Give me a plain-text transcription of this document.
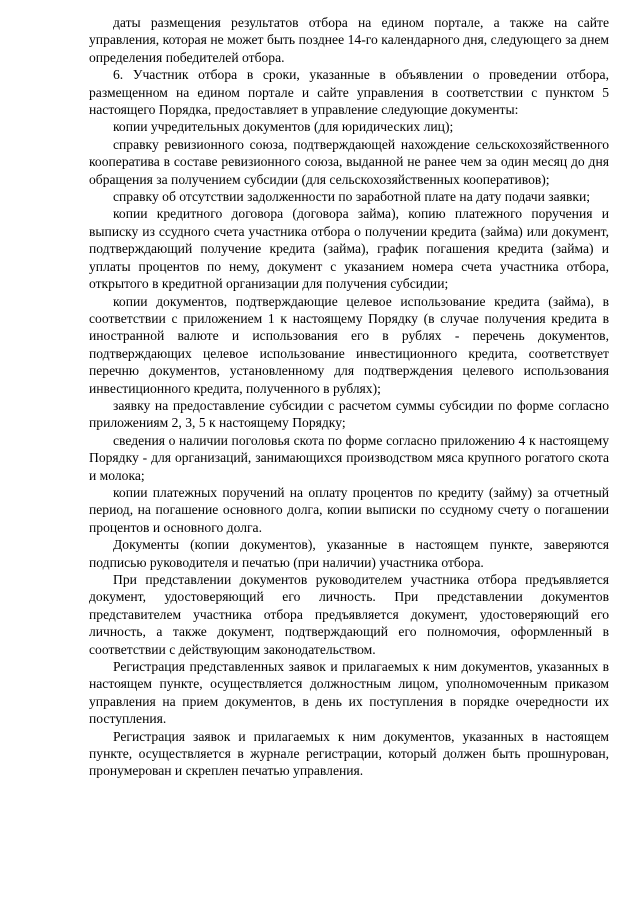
даты размещения результатов отбора на едином портале, а также на сайте управления, которая не может быть позднее 14-го календарного дня, следующего за днем определения победителей отбора.

6. Участник отбора в сроки, указанные в объявлении о проведении отбора, размещенном на едином портале и сайте управления в соответствии с пунктом 5 настоящего Порядка, предоставляет в управление следующие документы:

копии учредительных документов (для юридических лиц);

справку ревизионного союза, подтверждающей нахождение сельскохозяйственного кооператива в составе ревизионного союза, выданной не ранее чем за один месяц до дня обращения за получением субсидии (для сельскохозяйственных кооперативов);

справку об отсутствии задолженности по заработной плате на дату подачи заявки;

копии кредитного договора (договора займа), копию платежного поручения и выписку из ссудного счета участника отбора о получении кредита (займа) или документ, подтверждающий получение кредита (займа), график погашения кредита (займа) и уплаты процентов по нему, документ с указанием номера счета участника отбора, открытого в кредитной организации для получения субсидии;

копии документов, подтверждающие целевое использование кредита (займа), в соответствии с приложением 1 к настоящему Порядку (в случае получения кредита в иностранной валюте и использования его в рублях - перечень документов, подтверждающих целевое использование инвестиционного кредита, соответствует перечню документов, установленному для подтверждения целевого использования инвестиционного кредита, полученного в рублях);

заявку на предоставление субсидии с расчетом суммы субсидии по форме согласно приложениям 2, 3, 5 к настоящему Порядку;

сведения о наличии поголовья скота по форме согласно приложению 4 к настоящему Порядку - для организаций, занимающихся производством мяса крупного рогатого скота и молока;

копии платежных поручений на оплату процентов по кредиту (займу) за отчетный период, на погашение основного долга, копии выписки по ссудному счету о погашении процентов и основного долга.

Документы (копии документов), указанные в настоящем пункте, заверяются подписью руководителя и печатью (при наличии) участника отбора.

При представлении документов руководителем участника отбора предъявляется документ, удостоверяющий его личность. При представлении документов представителем участника отбора предъявляется документ, удостоверяющий его личность, а также документ, подтверждающий его полномочия, оформленный в соответствии с действующим законодательством.

Регистрация представленных заявок и прилагаемых к ним документов, указанных в настоящем пункте, осуществляется должностным лицом, уполномоченным приказом управления на прием документов, в день их поступления в порядке очередности их поступления.

Регистрация заявок и прилагаемых к ним документов, указанных в настоящем пункте, осуществляется в журнале регистрации, который должен быть прошнурован, пронумерован и скреплен печатью управления.
